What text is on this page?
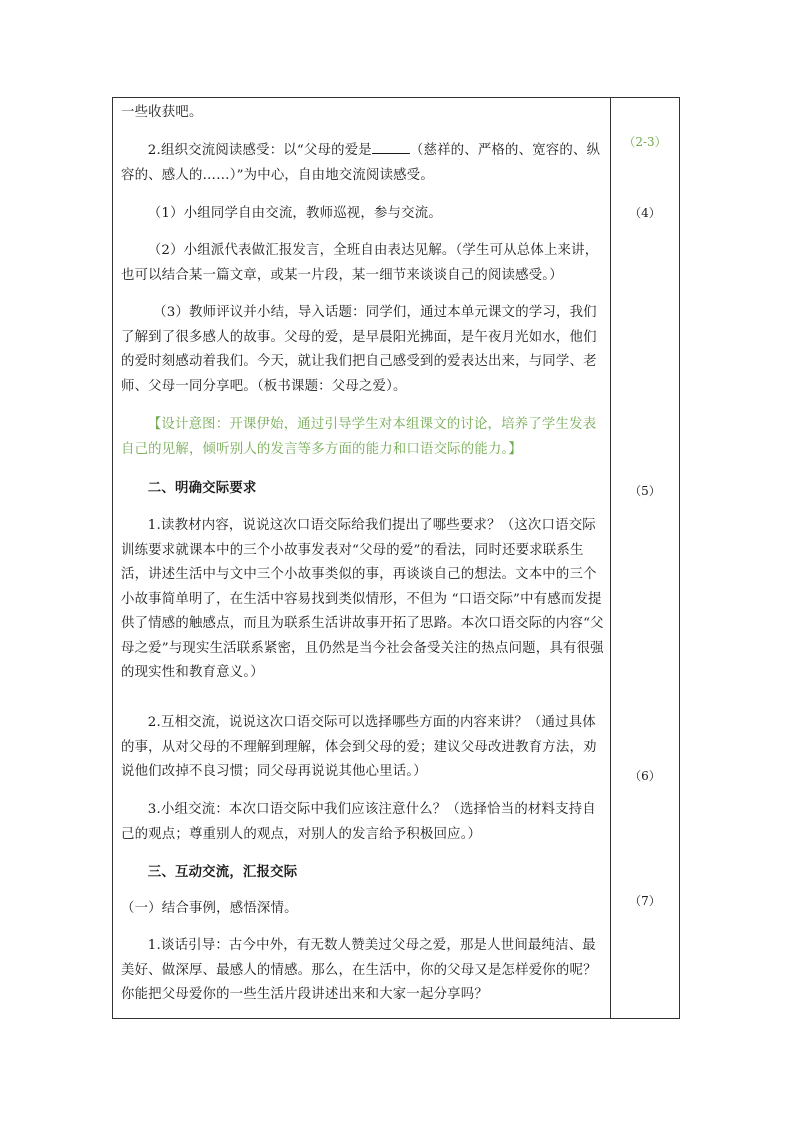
一些收获吧。

2.组织交流阅读感受：以“父母的爱是	（慈祥的、严格的、宽容的、纵容的、感人的……）”为中心，自由地交流阅读感受。

（1）小组同学自由交流，教师巡视，参与交流。

（2）小组派代表做汇报发言，全班自由表达见解。（学生可从总体上来讲，也可以结合某一篇文章，或某一片段，某一细节来谈谈自己的阅读感受。）

（3）教师评议并小结，导入话题：同学们，通过本单元课文的学习，我们了解到了很多感人的故事。父母的爱，是早晨阳光拂面，是午夜月光如水，他们的爱时刻感动着我们。今天，就让我们把自己感受到的爱表达出来，与同学、老师、父母一同分享吧。（板书课题：父母之爱）。

【设计意图：开课伊始，通过引导学生对本组课文的讨论，培养了学生发表自己的见解，倾听别人的发言等多方面的能力和口语交际的能力。】

二、明确交际要求

1.读教材内容，说说这次口语交际给我们提出了哪些要求？（这次口语交际训练要求就课本中的三个小故事发表对“父母的爱”的看法，同时还要求联系生活，讲述生活中与文中三个小故事类似的事，再谈谈自己的想法。文本中的三个小故事简单明了，在生活中容易找到类似情形，不但为 “口语交际”中有感而发提供了情感的触感点，而且为联系生活讲故事开拓了思路。本次口语交际的内容“父母之爱”与现实生活联系紧密，且仍然是当今社会备受关注的热点问题，具有很强的现实性和教育意义。）

2.互相交流，说说这次口语交际可以选择哪些方面的内容来讲？（通过具体的事，从对父母的不理解到理解，体会到父母的爱；建议父母改进教育方法，劝说他们改掉不良习惯；同父母再说说其他心里话。）

3.小组交流：本次口语交际中我们应该注意什么？（选择恰当的材料支持自己的观点；尊重别人的观点，对别人的发言给予积极回应。）

三、互动交流，汇报交际

（一）结合事例，感悟深情。

1.谈话引导：古今中外，有无数人赞美过父母之爱，那是人世间最纯洁、最美好、做深厚、最感人的情感。那么，在生活中，你的父母又是怎样爱你的呢？你能把父母爱你的一些生活片段讲述出来和大家一起分享吗？

（2-3）
（4）
（5）
（6）
（7）
